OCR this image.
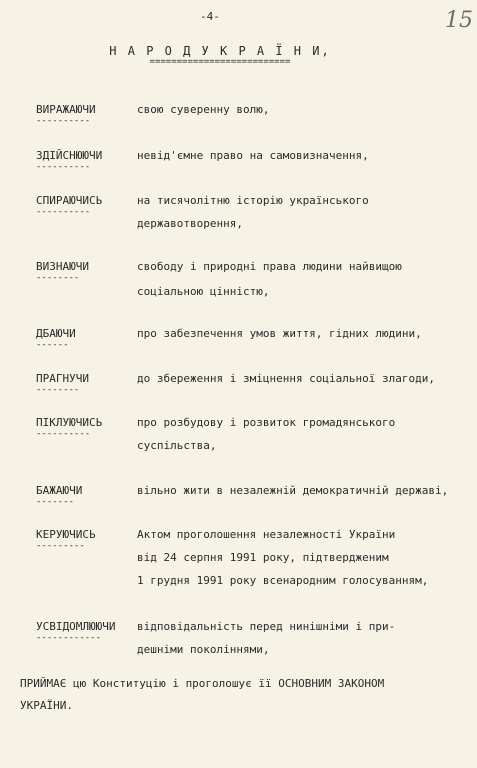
-4-	15
Н А Р О Д У К Р А Ї Н И,
==========================
ВИРАЖАЮЧИ
----------
свою суверенну волю,
ЗДІЙСНЮЮЧИ
----------
невід'ємне право на самовизначення,
СПИРАЮЧИСЬ
----------
на тисячолітню історію українського
державотворення,
ВИЗНАЮЧИ
--------
свободу і природні права людини найвищою
соціальною цінністю,
ДБАЮЧИ
------
про забезпечення умов життя, гідних людини,
ПРАГНУЧИ
--------
до збереження і зміцнення соціальної злагоди,
ПІКЛУЮЧИСЬ
----------
про розбудову і розвиток громадянського
суспільства,
БАЖАЮЧИ
-------
вільно жити в незалежній демократичній державі,
КЕРУЮЧИСЬ
---------
Актом проголошення незалежності України
від 24 серпня 1991 року, підтвердженим
1 грудня 1991 року всенародним голосуванням,
УСВІДОМЛЮЮЧИ
------------
відповідальність перед нинішніми і при-
дешніми поколіннями,
ПРИЙМАЄ цю Конституцію і проголошує її ОСНОВНИМ ЗАКОНОМ
УКРАЇНИ.
